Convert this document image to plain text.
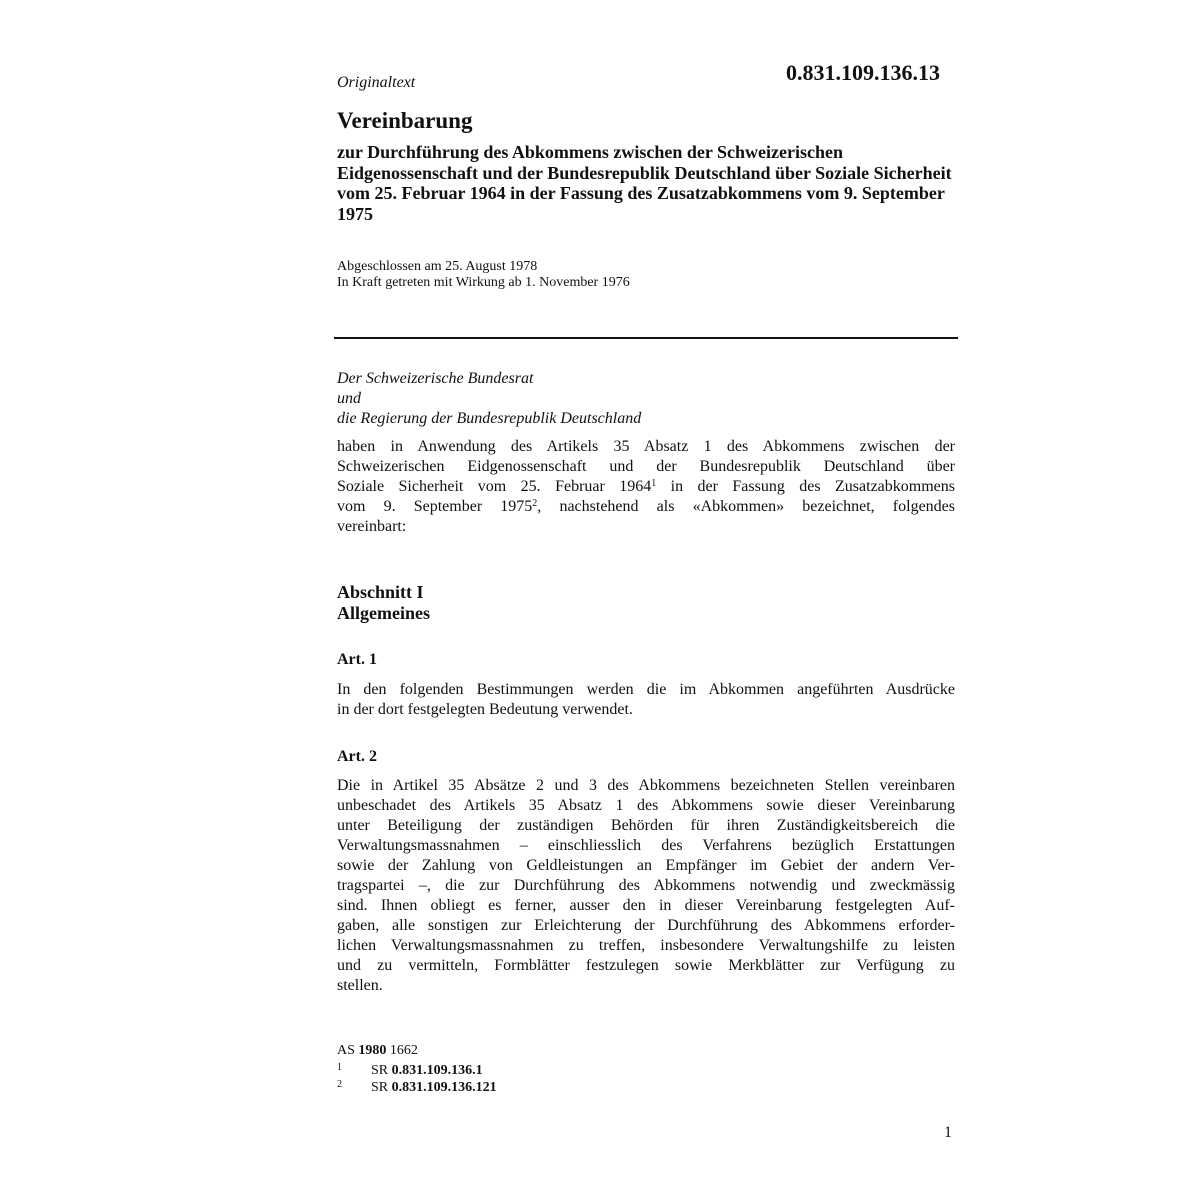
Originaltext	0.831.109.136.13
Vereinbarung
zur Durchführung des Abkommens zwischen der Schweizerischen Eidgenossenschaft und der Bundesrepublik Deutschland über Soziale Sicherheit vom 25. Februar 1964 in der Fassung des Zusatzabkommens vom 9. September 1975
Abgeschlossen am 25. August 1978
In Kraft getreten mit Wirkung ab 1. November 1976
Der Schweizerische Bundesrat
und
die Regierung der Bundesrepublik Deutschland
haben in Anwendung des Artikels 35 Absatz 1 des Abkommens zwischen der
Schweizerischen Eidgenossenschaft und der Bundesrepublik Deutschland über
Soziale Sicherheit vom 25. Februar 1964$^1$ in der Fassung des Zusatzabkommens
vom 9. September 1975$^2$, nachstehend als «Abkommen» bezeichnet, folgendes
vereinbart:
Abschnitt I
Allgemeines
Art. 1
In den folgenden Bestimmungen werden die im Abkommen angeführten Ausdrücke
in der dort festgelegten Bedeutung verwendet.
Art. 2
Die in Artikel 35 Absätze 2 und 3 des Abkommens bezeichneten Stellen vereinbaren
unbeschadet des Artikels 35 Absatz 1 des Abkommens sowie dieser Vereinbarung
unter Beteiligung der zuständigen Behörden für ihren Zuständigkeitsbereich die
Verwaltungsmassnahmen – einschliesslich des Verfahrens bezüglich Erstattungen
sowie der Zahlung von Geldleistungen an Empfänger im Gebiet der andern Ver-
tragspartei –, die zur Durchführung des Abkommens notwendig und zweckmässig
sind. Ihnen obliegt es ferner, ausser den in dieser Vereinbarung festgelegten Auf-
gaben, alle sonstigen zur Erleichterung der Durchführung des Abkommens erforder-
lichen Verwaltungsmassnahmen zu treffen, insbesondere Verwaltungshilfe zu leisten
und zu vermitteln, Formblätter festzulegen sowie Merkblätter zur Verfügung zu
stellen.
AS 1980 1662
1 SR 0.831.109.136.1
2 SR 0.831.109.136.121
1
